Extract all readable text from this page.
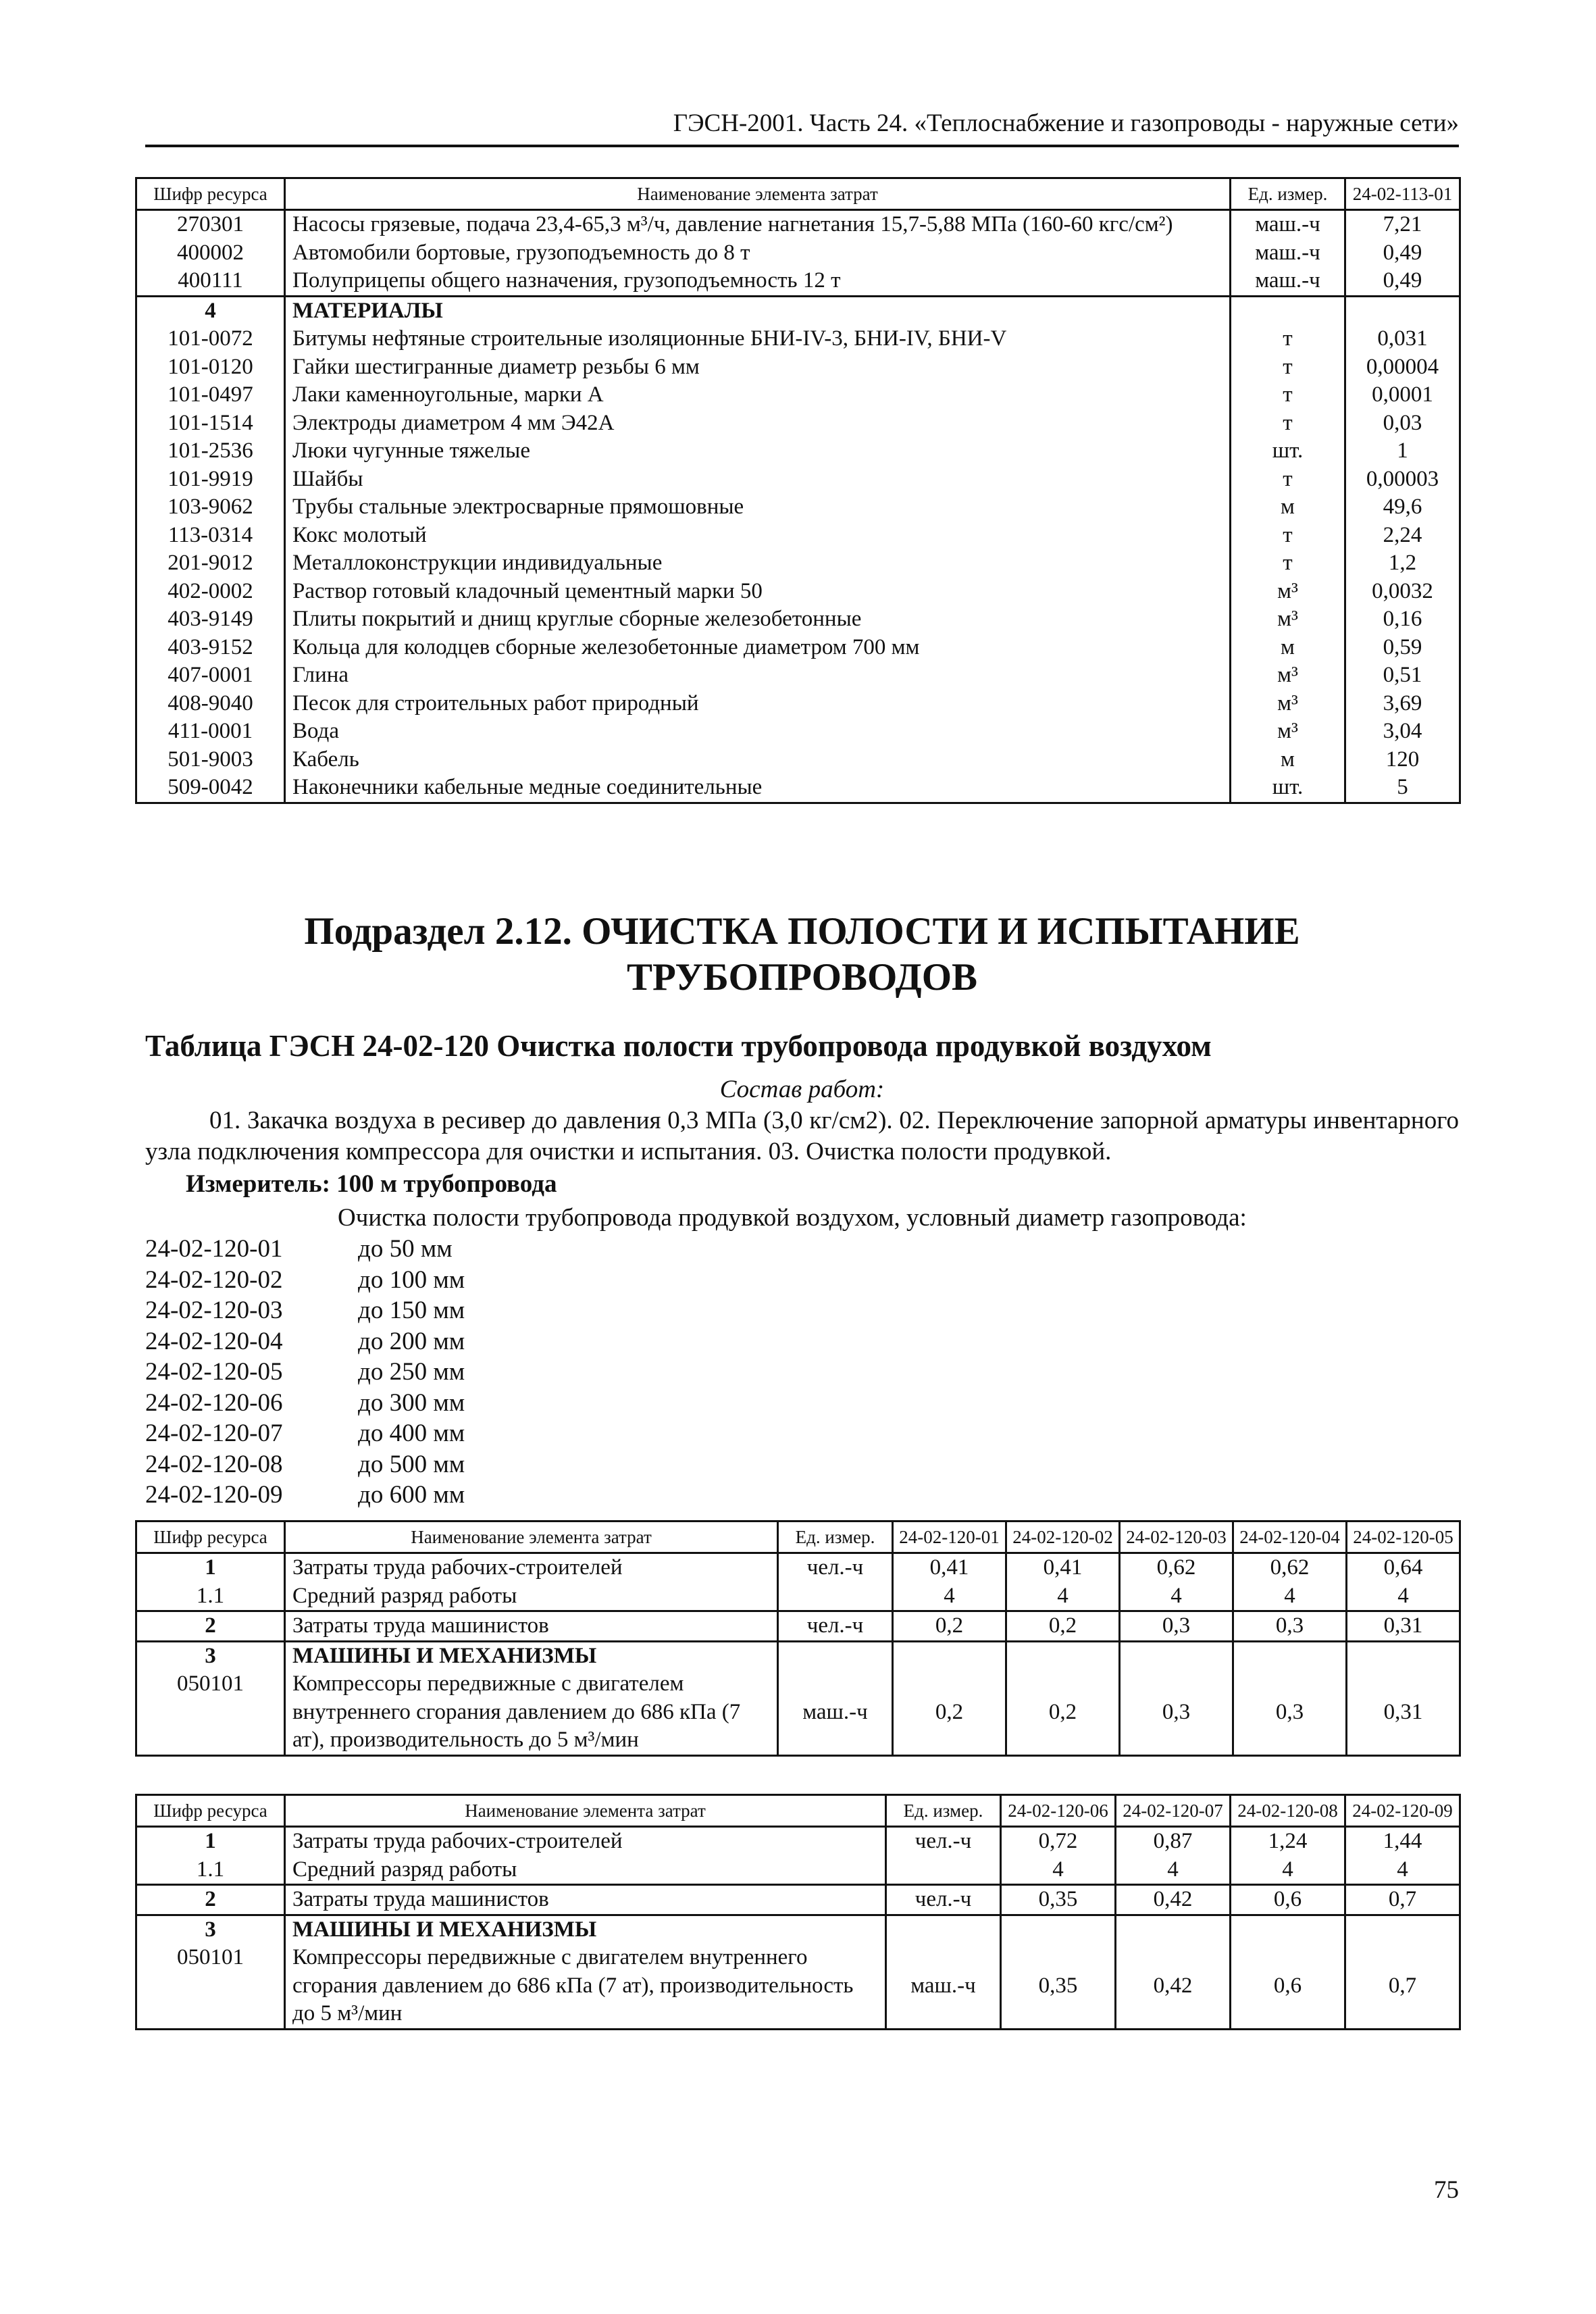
ГЭСН-2001. Часть 24. «Теплоснабжение и газопроводы - наружные сети»
Шифр ресурса	Наименование элемента затрат	Ед. измер.	24-02-113-01
270301	Насосы грязевые, подача 23,4-65,3 м³/ч, давление нагнетания 15,7-5,88 МПа (160-60 кгс/см²)	маш.-ч	7,21
400002	Автомобили бортовые, грузоподъемность до 8 т	маш.-ч	0,49
400111	Полуприцепы общего назначения, грузоподъемность 12 т	маш.-ч	0,49
4	МАТЕРИАЛЫ		
101-0072	Битумы нефтяные строительные изоляционные БНИ-IV-3, БНИ-IV, БНИ-V	т	0,031
101-0120	Гайки шестигранные диаметр резьбы 6 мм	т	0,00004
101-0497	Лаки каменноугольные, марки А	т	0,0001
101-1514	Электроды диаметром 4 мм Э42А	т	0,03
101-2536	Люки чугунные тяжелые	шт.	1
101-9919	Шайбы	т	0,00003
103-9062	Трубы стальные электросварные прямошовные	м	49,6
113-0314	Кокс молотый	т	2,24
201-9012	Металлоконструкции индивидуальные	т	1,2
402-0002	Раствор готовый кладочный цементный марки 50	м³	0,0032
403-9149	Плиты покрытий и днищ круглые сборные железобетонные	м³	0,16
403-9152	Кольца для колодцев сборные железобетонные диаметром 700 мм	м	0,59
407-0001	Глина	м³	0,51
408-9040	Песок для строительных работ природный	м³	3,69
411-0001	Вода	м³	3,04
501-9003	Кабель	м	120
509-0042	Наконечники кабельные медные соединительные	шт.	5
Подраздел 2.12. ОЧИСТКА ПОЛОСТИ И ИСПЫТАНИЕ
ТРУБОПРОВОДОВ
Таблица ГЭСН 24-02-120 Очистка полости трубопровода продувкой воздухом
Состав работ:
01. Закачка воздуха в ресивер до давления 0,3 МПа (3,0 кг/см2). 02. Переключение запорной арматуры инвентарного узла подключения компрессора для очистки и испытания. 03. Очистка полости продувкой.
Измеритель: 100 м трубопровода
Очистка полости трубопровода продувкой воздухом, условный диаметр газопровода:
24-02-120-01	до 50 мм
24-02-120-02	до 100 мм
24-02-120-03	до 150 мм
24-02-120-04	до 200 мм
24-02-120-05	до 250 мм
24-02-120-06	до 300 мм
24-02-120-07	до 400 мм
24-02-120-08	до 500 мм
24-02-120-09	до 600 мм
Шифр ресурса	Наименование элемента затрат	Ед. измер.	24-02-120-01	24-02-120-02	24-02-120-03	24-02-120-04	24-02-120-05
1	Затраты труда рабочих-строителей	чел.-ч	0,41	0,41	0,62	0,62	0,64
1.1	Средний разряд работы		4	4	4	4	4
2	Затраты труда машинистов	чел.-ч	0,2	0,2	0,3	0,3	0,31
3	МАШИНЫ И МЕХАНИЗМЫ						
050101	Компрессоры передвижные с двигателем внутреннего сгорания давлением до 686 кПа (7 ат), производительность до 5 м³/мин	маш.-ч	0,2	0,2	0,3	0,3	0,31
Шифр ресурса	Наименование элемента затрат	Ед. измер.	24-02-120-06	24-02-120-07	24-02-120-08	24-02-120-09
1	Затраты труда рабочих-строителей	чел.-ч	0,72	0,87	1,24	1,44
1.1	Средний разряд работы		4	4	4	4
2	Затраты труда машинистов	чел.-ч	0,35	0,42	0,6	0,7
3	МАШИНЫ И МЕХАНИЗМЫ					
050101	Компрессоры передвижные с двигателем внутреннего сгорания давлением до 686 кПа (7 ат), производительность до 5 м³/мин	маш.-ч	0,35	0,42	0,6	0,7
75
